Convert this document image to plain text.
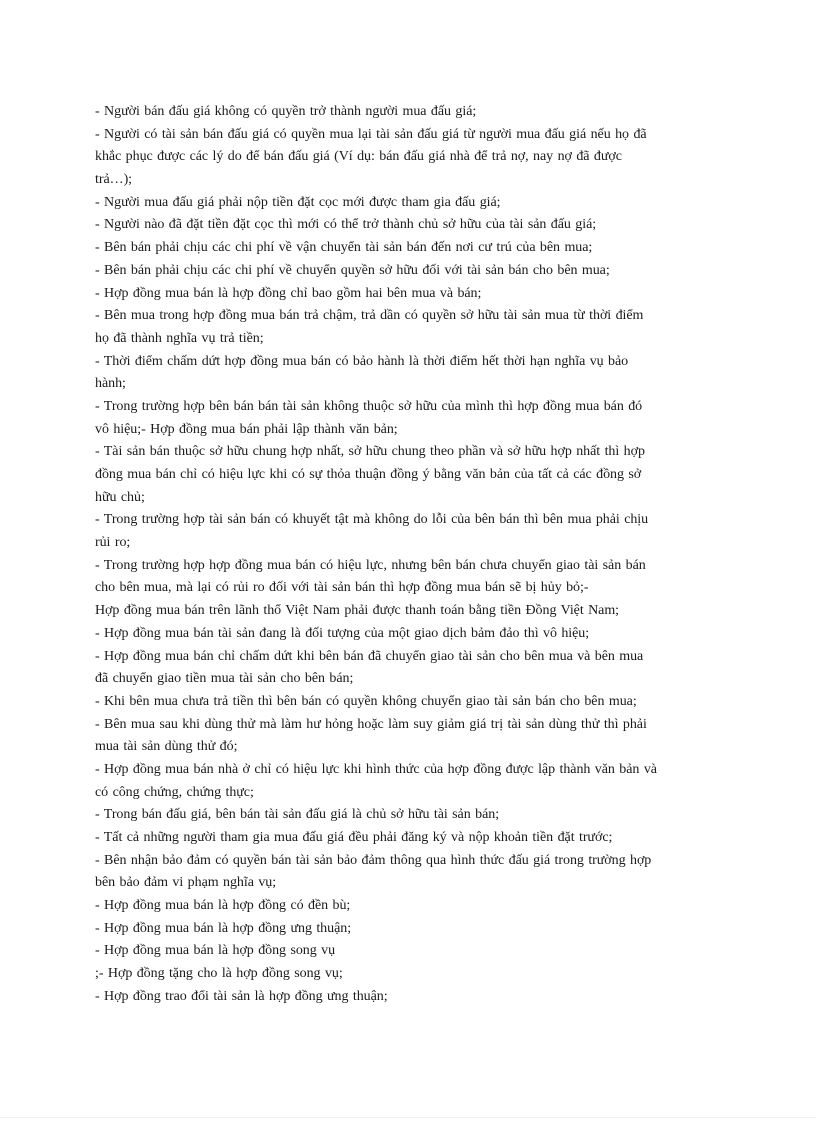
- Người bán đấu giá không có quyền trở thành người mua đấu giá;
- Người có tài sản bán đấu giá có quyền mua lại tài sản đấu giá từ người mua đấu giá nếu họ đã
khắc phục được các lý do để bán đấu giá (Ví dụ: bán đấu giá nhà để trả nợ, nay nợ đã được
trả…);
- Người mua đấu giá phải nộp tiền đặt cọc mới được tham gia đấu giá;
- Người nào đã đặt tiền đặt cọc thì mới có thể trở thành chủ sở hữu của tài sản đấu giá;
- Bên bán phải chịu các chi phí về vận chuyển tài sản bán đến nơi cư trú của bên mua;
- Bên bán phải chịu các chi phí về chuyển quyền sở hữu đối với tài sản bán cho bên mua;
- Hợp đồng mua bán là hợp đồng chỉ bao gồm hai bên mua và bán;
- Bên mua trong hợp đồng mua bán trả chậm, trả dần có quyền sở hữu tài sản mua từ thời điểm
họ đã thành nghĩa vụ trả tiền;
- Thời điểm chấm dứt hợp đồng mua bán có bảo hành là thời điểm hết thời hạn nghĩa vụ bảo
hành;
- Trong trường hợp bên bán bán tài sản không thuộc sở hữu của mình thì hợp đồng mua bán đó
vô hiệu;- Hợp đồng mua bán phải lập thành văn bản;
- Tài sản bán thuộc sở hữu chung hợp nhất, sở hữu chung theo phần và sở hữu hợp nhất thì hợp
đồng mua bán chỉ có hiệu lực khi có sự thỏa thuận đồng ý bằng văn bản của tất cả các đồng sở
hữu chủ;
- Trong trường hợp tài sản bán có khuyết tật mà không do lỗi của bên bán thì bên mua phải chịu
rủi ro;
- Trong trường hợp hợp đồng mua bán có hiệu lực, nhưng bên bán chưa chuyển giao tài sản bán
cho bên mua, mà lại có rủi ro đối với tài sản bán thì hợp đồng mua bán sẽ bị hủy bỏ;-
Hợp đồng mua bán trên lãnh thổ Việt Nam phải được thanh toán bằng tiền Đồng Việt Nam;
- Hợp đồng mua bán tài sản đang là đối tượng của một giao dịch bảm đảo thì vô hiệu;
- Hợp đồng mua bán chỉ chấm dứt khi bên bán đã chuyển giao tài sản cho bên mua và bên mua
đã chuyển giao tiền mua tài sản cho bên bán;
- Khi bên mua chưa trả tiền thì bên bán có quyền không chuyển giao tài sản bán cho bên mua;
- Bên mua sau khi dùng thử mà làm hư hỏng hoặc làm suy giảm giá trị tài sản dùng thử thì phải
mua tài sản dùng thử đó;
- Hợp đồng mua bán nhà ở chỉ có hiệu lực khi hình thức của hợp đồng được lập thành văn bản và
có công chứng, chứng thực;
- Trong bán đấu giá, bên bán tài sản đấu giá là chủ sở hữu tài sản bán;
- Tất cả những người tham gia mua đấu giá đều phải đăng ký và nộp khoản tiền đặt trước;
- Bên nhận bảo đảm có quyền bán tài sản bảo đảm thông qua hình thức đấu giá trong trường hợp
bên bảo đảm vi phạm nghĩa vụ;
- Hợp đồng mua bán là hợp đồng có đền bù;
- Hợp đồng mua bán là hợp đồng ưng thuận;
- Hợp đồng mua bán là hợp đồng song vụ
;- Hợp đồng tặng cho là hợp đồng song vụ;
- Hợp đồng trao đổi tài sản là hợp đồng ưng thuận;
